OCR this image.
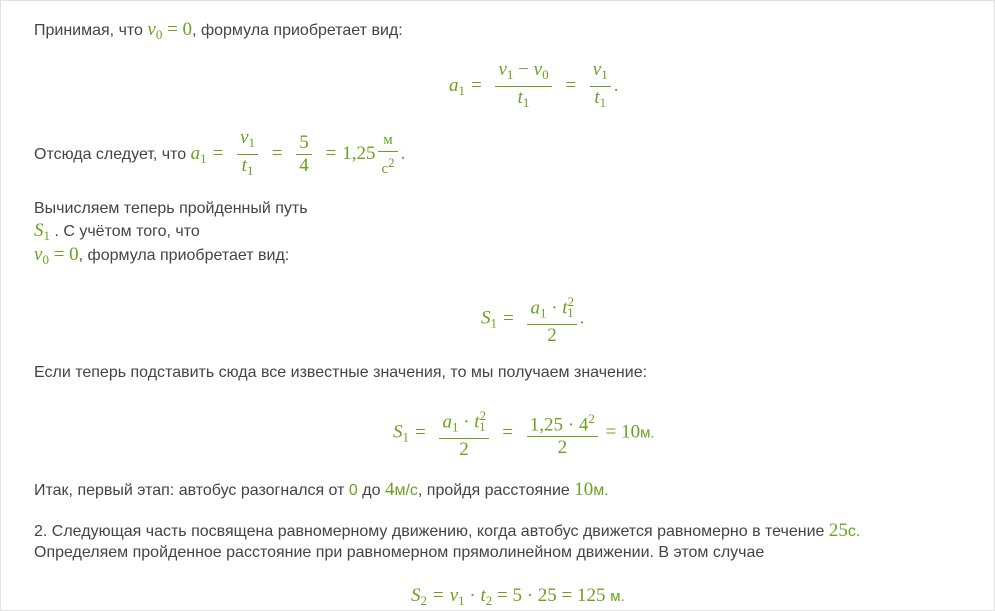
Принимая, что $v_0 = 0$, формула приобретает вид:
$a_1 = \frac{v_1 - v_0}{t_1} = \frac{v_1}{t_1}$ .
Отсюда следует, что $a_1 = \frac{v_1}{t_1} = \frac{5}{4} = 1,25 \frac{м}{с^2}$ .
Вычисляем теперь пройденный путь
$S_1$ . С учётом того, что
$v_0 = 0$, формула приобретает вид:
$S_1 = \frac{a_1 \cdot t^2_1}{2}$ .
Если теперь подставить сюда все известные значения, то мы получаем значение:
$S_1 = \frac{a_1 \cdot t^2_1}{2} = \frac{1,25 \cdot 4^2}{2} = 10м$.
Итак, первый этап: автобус разогнался от 0 до 4м/с, пройдя расстояние 10м.
2. Следующая часть посвящена равномерному движению, когда автобус движется равномерно в течение 25с.
Определяем пройденное расстояние при равномерном прямолинейном движении. В этом случае
$S_2 = v_1 \cdot t_2 = 5 \cdot 25 = 125$ м.
